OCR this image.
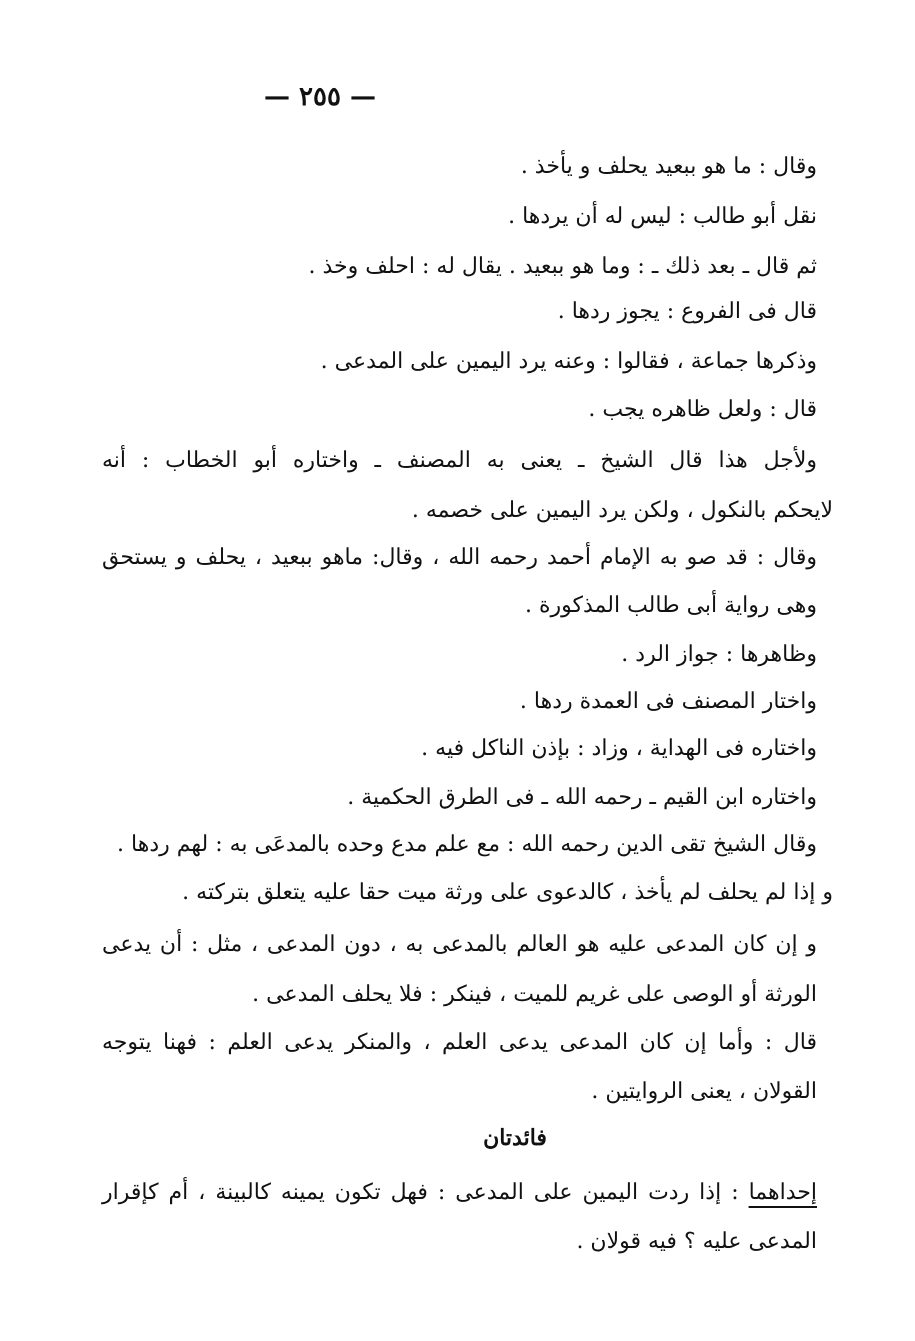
— ٢٥٥ —
وقال : ما هو ببعيد يحلف و يأخذ .
نقل أبو طالب : ليس له أن يردها .
ثم قال ـ بعد ذلك ـ : وما هو ببعيد . يقال له : احلف وخذ .
قال فى الفروع : يجوز ردها .
وذكرها جماعة ، فقالوا : وعنه يرد اليمين على المدعى .
قال : ولعل ظاهره يجب .
ولأجل هذا قال الشيخ ـ يعنى به المصنف ـ واختاره أبو الخطاب : أنه
لايحكم بالنكول ، ولكن يرد اليمين على خصمه .
وقال : قد صو به الإمام أحمد رحمه الله ، وقال: ماهو ببعيد ، يحلف و يستحق
وهى رواية أبى طالب المذكورة .
وظاهرها : جواز الرد .
واختار المصنف فى العمدة ردها .
واختاره فى الهداية ، وزاد : بإذن الناكل فيه .
واختاره ابن القيم ـ رحمه الله ـ فى الطرق الحكمية .
وقال الشيخ تقى الدين رحمه الله : مع علم مدع وحده بالمدعَى به : لهم ردها .
و إذا لم يحلف لم يأخذ ، كالدعوى على ورثة ميت حقا عليه يتعلق بتركته .
و إن كان المدعى عليه هو العالم بالمدعى به ، دون المدعى ، مثل : أن يدعى
الورثة أو الوصى على غريم للميت ، فينكر : فلا يحلف المدعى .
قال : وأما إن كان المدعى يدعى العلم ، والمنكر يدعى العلم : فهنا يتوجه
القولان ، يعنى الروايتين .
فائدتان
إحداهما : إذا ردت اليمين على المدعى : فهل تكون يمينه كالبينة ، أم كإقرار
المدعى عليه ؟ فيه قولان .
